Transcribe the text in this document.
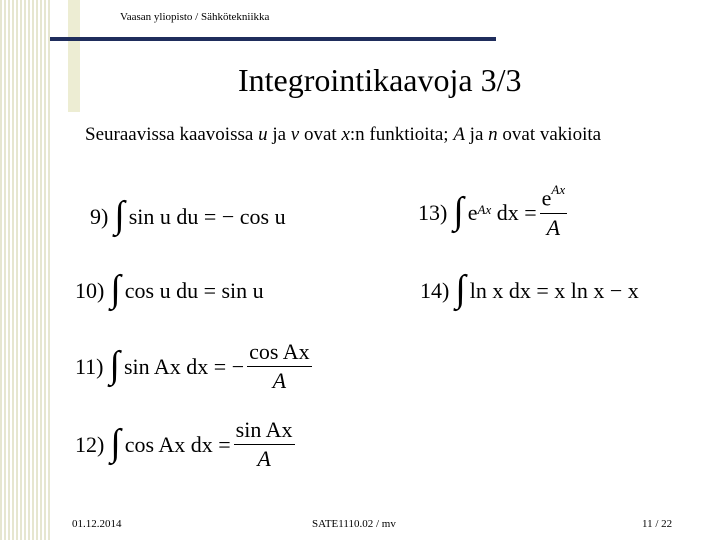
Vaasan yliopisto / Sähkötekniikka
Integrointikaavoja 3/3
Seuraavissa kaavoissa u ja v ovat x:n funktioita; A ja n ovat vakioita
9) ∫ sin u du = − cos u
10) ∫ cos u du = sin u
11) ∫ sin Ax dx = − $\frac{\text{cos Ax}}{A}$
12) ∫ cos Ax dx = $\frac{\text{sin Ax}}{A}$
13) ∫ $e^{Ax}$ dx = $\frac{e^{Ax}}{A}$
14) ∫ ln x dx = x ln x − x
01.12.2014	SATE1110.02 / mv	11 / 22
